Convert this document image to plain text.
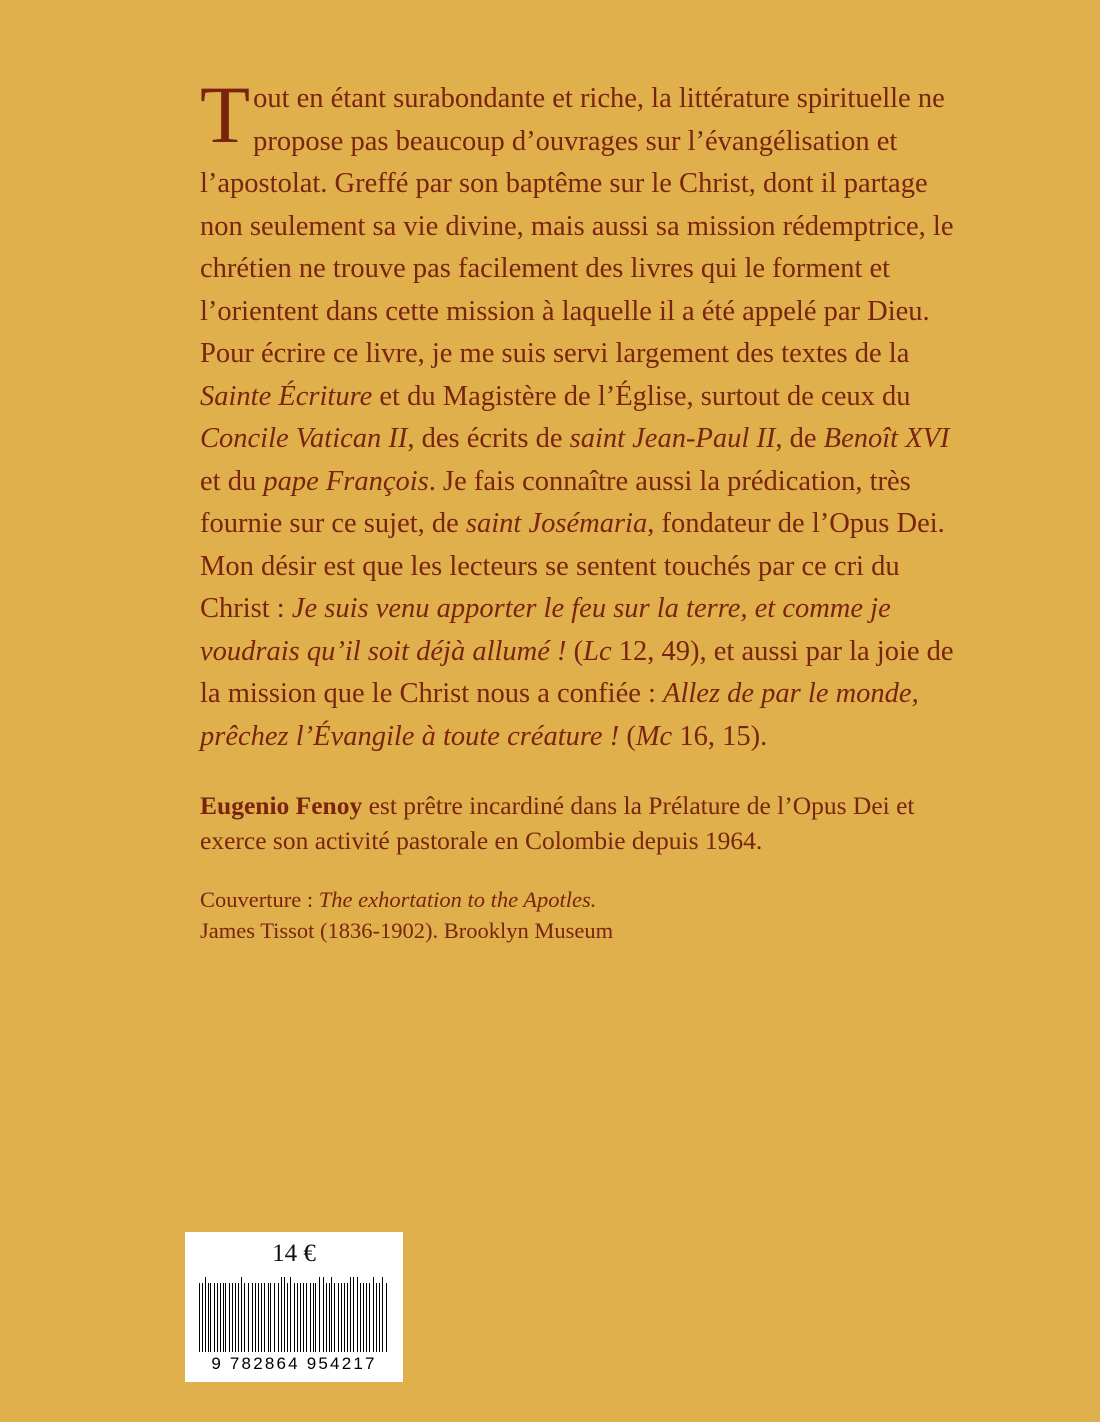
Tout en étant surabondante et riche, la littérature spirituelle ne propose pas beaucoup d’ouvrages sur l’évangélisation et l’apostolat. Greffé par son baptême sur le Christ, dont il partage non seulement sa vie divine, mais aussi sa mission rédemptrice, le chrétien ne trouve pas facilement des livres qui le forment et l’orientent dans cette mission à laquelle il a été appelé par Dieu.

Pour écrire ce livre, je me suis servi largement des textes de la Sainte Écriture et du Magistère de l’Église, surtout de ceux du Concile Vatican II, des écrits de saint Jean-Paul II, de Benoît XVI et du pape François. Je fais connaître aussi la prédication, très fournie sur ce sujet, de saint Josémaria, fondateur de l’Opus Dei.

Mon désir est que les lecteurs se sentent touchés par ce cri du Christ : Je suis venu apporter le feu sur la terre, et comme je voudrais qu’il soit déjà allumé ! (Lc 12, 49), et aussi par la joie de la mission que le Christ nous a confiée : Allez de par le monde, prêchez l’Évangile à toute créature ! (Mc 16, 15).

Eugenio Fenoy est prêtre incardiné dans la Prélature de l’Opus Dei et exerce son activité pastorale en Colombie depuis 1964.
Couverture : The exhortation to the Apotles.
James Tissot (1836-1902). Brooklyn Museum
14 €
9 782864 954217
